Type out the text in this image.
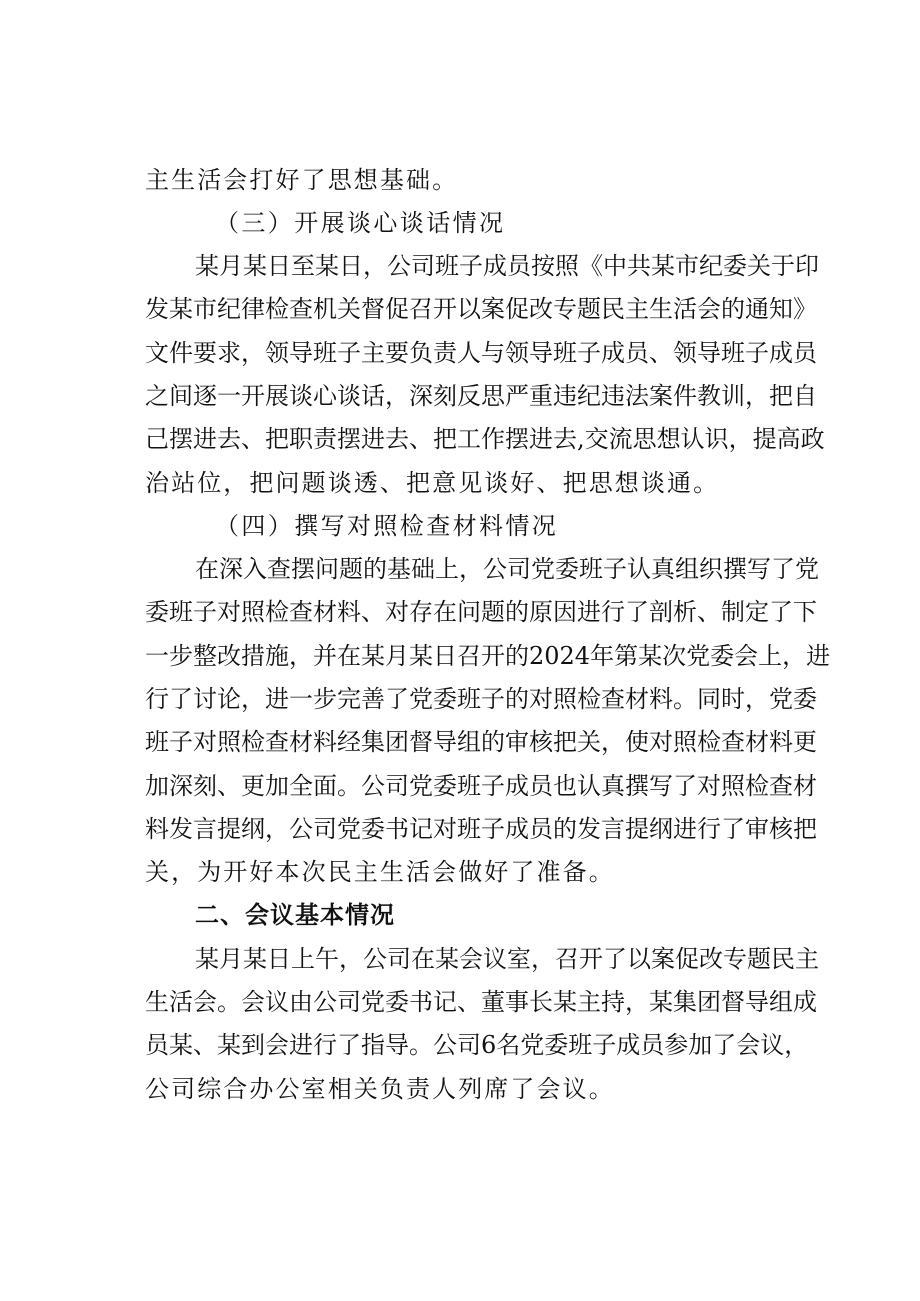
主生活会打好了思想基础。
（三）开展谈心谈话情况
某月某日至某日，公司班子成员按照《中共某市纪委关于印
发某市纪律检查机关督促召开以案促改专题民主生活会的通知》
文件要求，领导班子主要负责人与领导班子成员、领导班子成员
之间逐一开展谈心谈话，深刻反思严重违纪违法案件教训，把自
己摆进去、把职责摆进去、把工作摆进去,交流思想认识，提高政
治站位，把问题谈透、把意见谈好、把思想谈通。
（四）撰写对照检查材料情况
在深入查摆问题的基础上，公司党委班子认真组织撰写了党
委班子对照检查材料、对存在问题的原因进行了剖析、制定了下
一步整改措施，并在某月某日召开的2024年第某次党委会上，进
行了讨论，进一步完善了党委班子的对照检查材料。同时，党委
班子对照检查材料经集团督导组的审核把关，使对照检查材料更
加深刻、更加全面。公司党委班子成员也认真撰写了对照检查材
料发言提纲，公司党委书记对班子成员的发言提纲进行了审核把
关，为开好本次民主生活会做好了准备。
二、会议基本情况
某月某日上午，公司在某会议室，召开了以案促改专题民主
生活会。会议由公司党委书记、董事长某主持，某集团督导组成
员某、某到会进行了指导。公司6名党委班子成员参加了会议，
公司综合办公室相关负责人列席了会议。
